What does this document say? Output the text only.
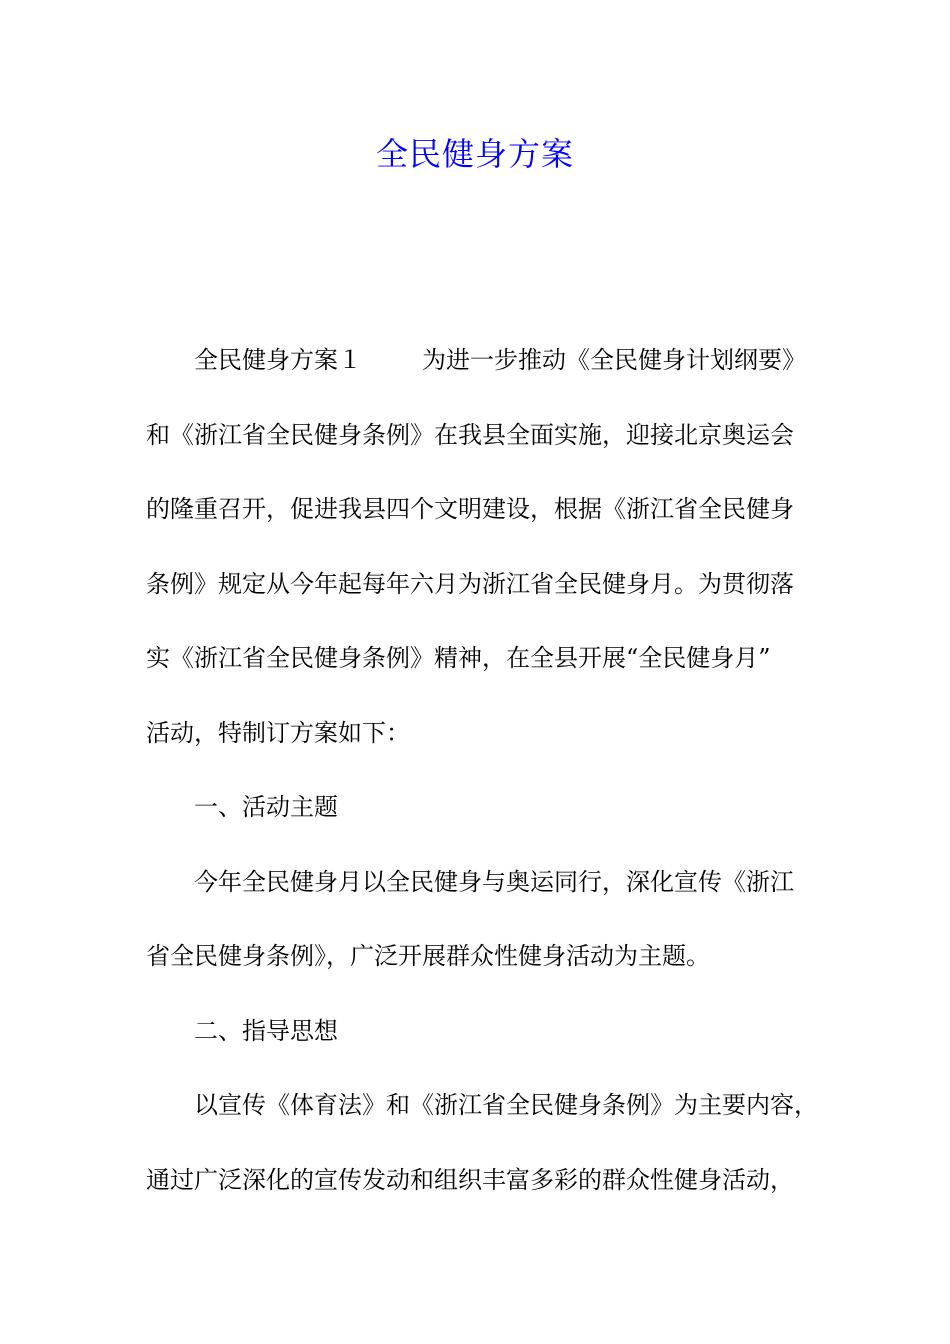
全民健身方案
全民健身方案１	为进一步推动《全民健身计划纲要》
和《浙江省全民健身条例》在我县全面实施，迎接北京奥运会
的隆重召开，促进我县四个文明建设，根据《浙江省全民健身
条例》规定从今年起每年六月为浙江省全民健身月。为贯彻落
实《浙江省全民健身条例》精神，在全县开展“全民健身月”
活动，特制订方案如下：
一、活动主题
今年全民健身月以全民健身与奥运同行，深化宣传《浙江
省全民健身条例》，广泛开展群众性健身活动为主题。
二、指导思想
以宣传《体育法》和《浙江省全民健身条例》为主要内容，
通过广泛深化的宣传发动和组织丰富多彩的群众性健身活动，
